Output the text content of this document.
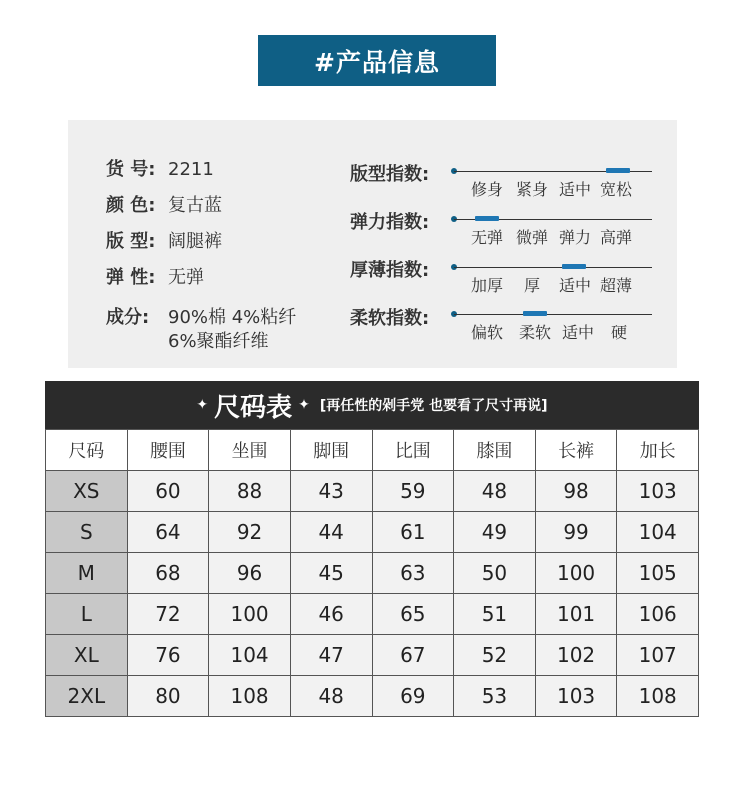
#产品信息
货 号: 2211
颜 色: 复古蓝
版 型: 阔腿裤
弹 性: 无弹
成分:	90%棉 4%粘纤
6%聚酯纤维
版型指数:
修身 紧身 适中 宽松
弹力指数:
无弹 微弹 弹力 高弹
厚薄指数:
加厚 厚 适中 超薄
柔软指数:
偏软 柔软 适中 硬
✦ 尺码表 ✦ [再任性的剁手党 也要看了尺寸再说]
尺码	腰围	坐围	脚围	比围	膝围	长裤	加长
XS	60	88	43	59	48	98	103
S	64	92	44	61	49	99	104
M	68	96	45	63	50	100	105
L	72	100	46	65	51	101	106
XL	76	104	47	67	52	102	107
2XL	80	108	48	69	53	103	108
